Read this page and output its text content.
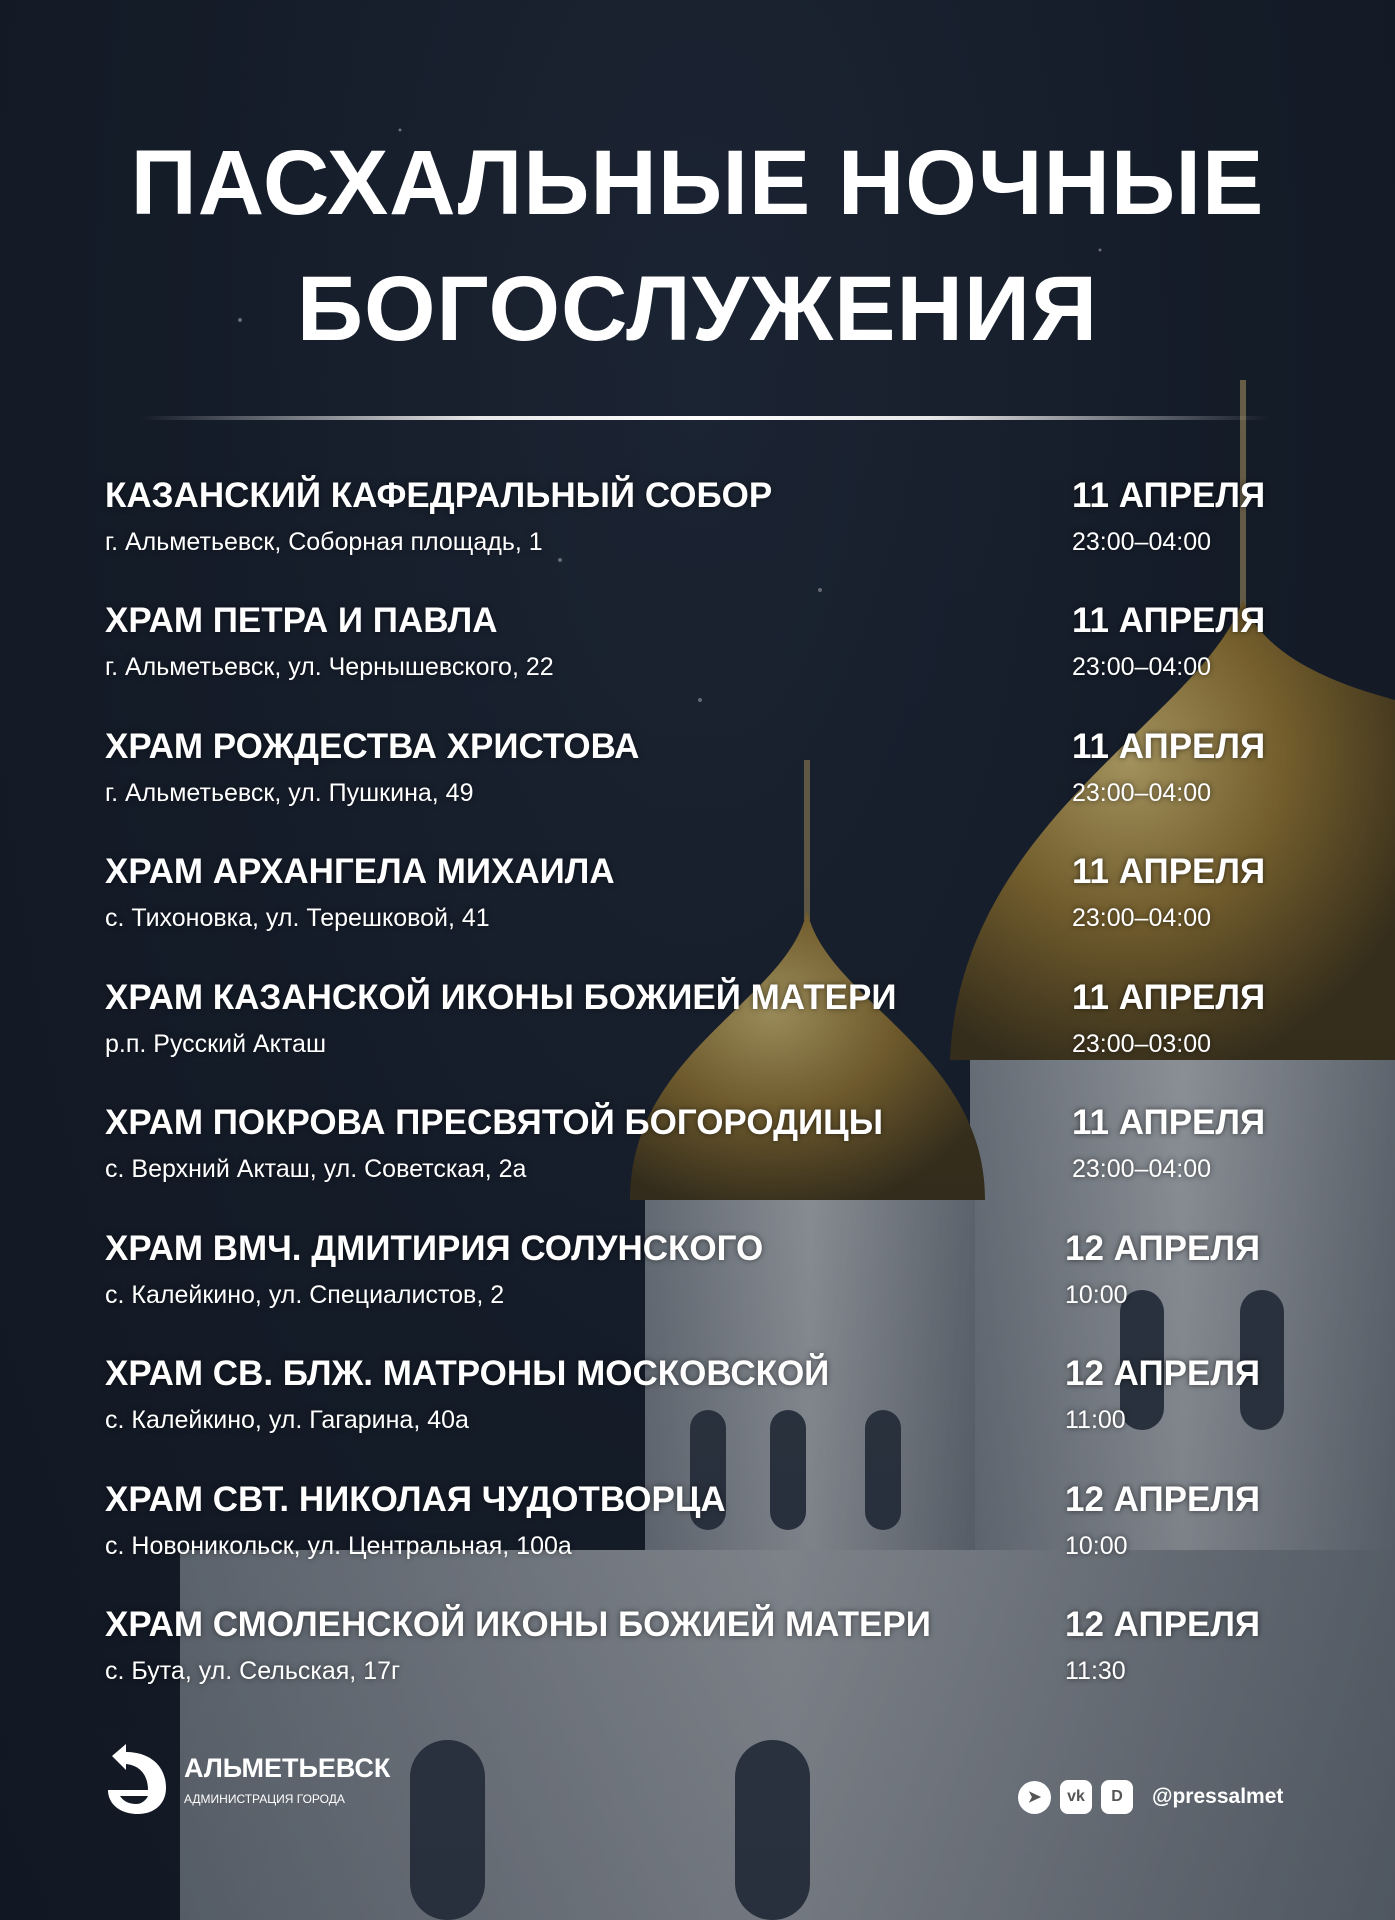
ПАСХАЛЬНЫЕ НОЧНЫЕ
БОГОСЛУЖЕНИЯ
КАЗАНСКИЙ КАФЕДРАЛЬНЫЙ СОБОР
г. Альметьевск, Соборная площадь, 1
11 АПРЕЛЯ
23:00–04:00
ХРАМ ПЕТРА И ПАВЛА
г. Альметьевск, ул. Чернышевского, 22
11 АПРЕЛЯ
23:00–04:00
ХРАМ РОЖДЕСТВА ХРИСТОВА
г. Альметьевск, ул. Пушкина, 49
11 АПРЕЛЯ
23:00–04:00
ХРАМ АРХАНГЕЛА МИХАИЛА
с. Тихоновка, ул. Терешковой, 41
11 АПРЕЛЯ
23:00–04:00
ХРАМ КАЗАНСКОЙ ИКОНЫ БОЖИЕЙ МАТЕРИ
р.п. Русский Акташ
11 АПРЕЛЯ
23:00–03:00
ХРАМ ПОКРОВА ПРЕСВЯТОЙ БОГОРОДИЦЫ
с. Верхний Акташ, ул. Советская, 2а
11 АПРЕЛЯ
23:00–04:00
ХРАМ ВМЧ. ДМИТИРИЯ СОЛУНСКОГО
с. Калейкино, ул. Специалистов, 2
12 АПРЕЛЯ
10:00
ХРАМ СВ. БЛЖ. МАТРОНЫ МОСКОВСКОЙ
с. Калейкино, ул. Гагарина, 40а
12 АПРЕЛЯ
11:00
ХРАМ СВТ. НИКОЛАЯ ЧУДОТВОРЦА
с. Новоникольск, ул. Центральная, 100а
12 АПРЕЛЯ
10:00
ХРАМ СМОЛЕНСКОЙ ИКОНЫ БОЖИЕЙ МАТЕРИ
с. Бута, ул. Сельская, 17г
12 АПРЕЛЯ
11:30
АЛЬМЕТЬЕВСК
АДМИНИСТРАЦИЯ ГОРОДА	➤	vk	D	@pressalmet
